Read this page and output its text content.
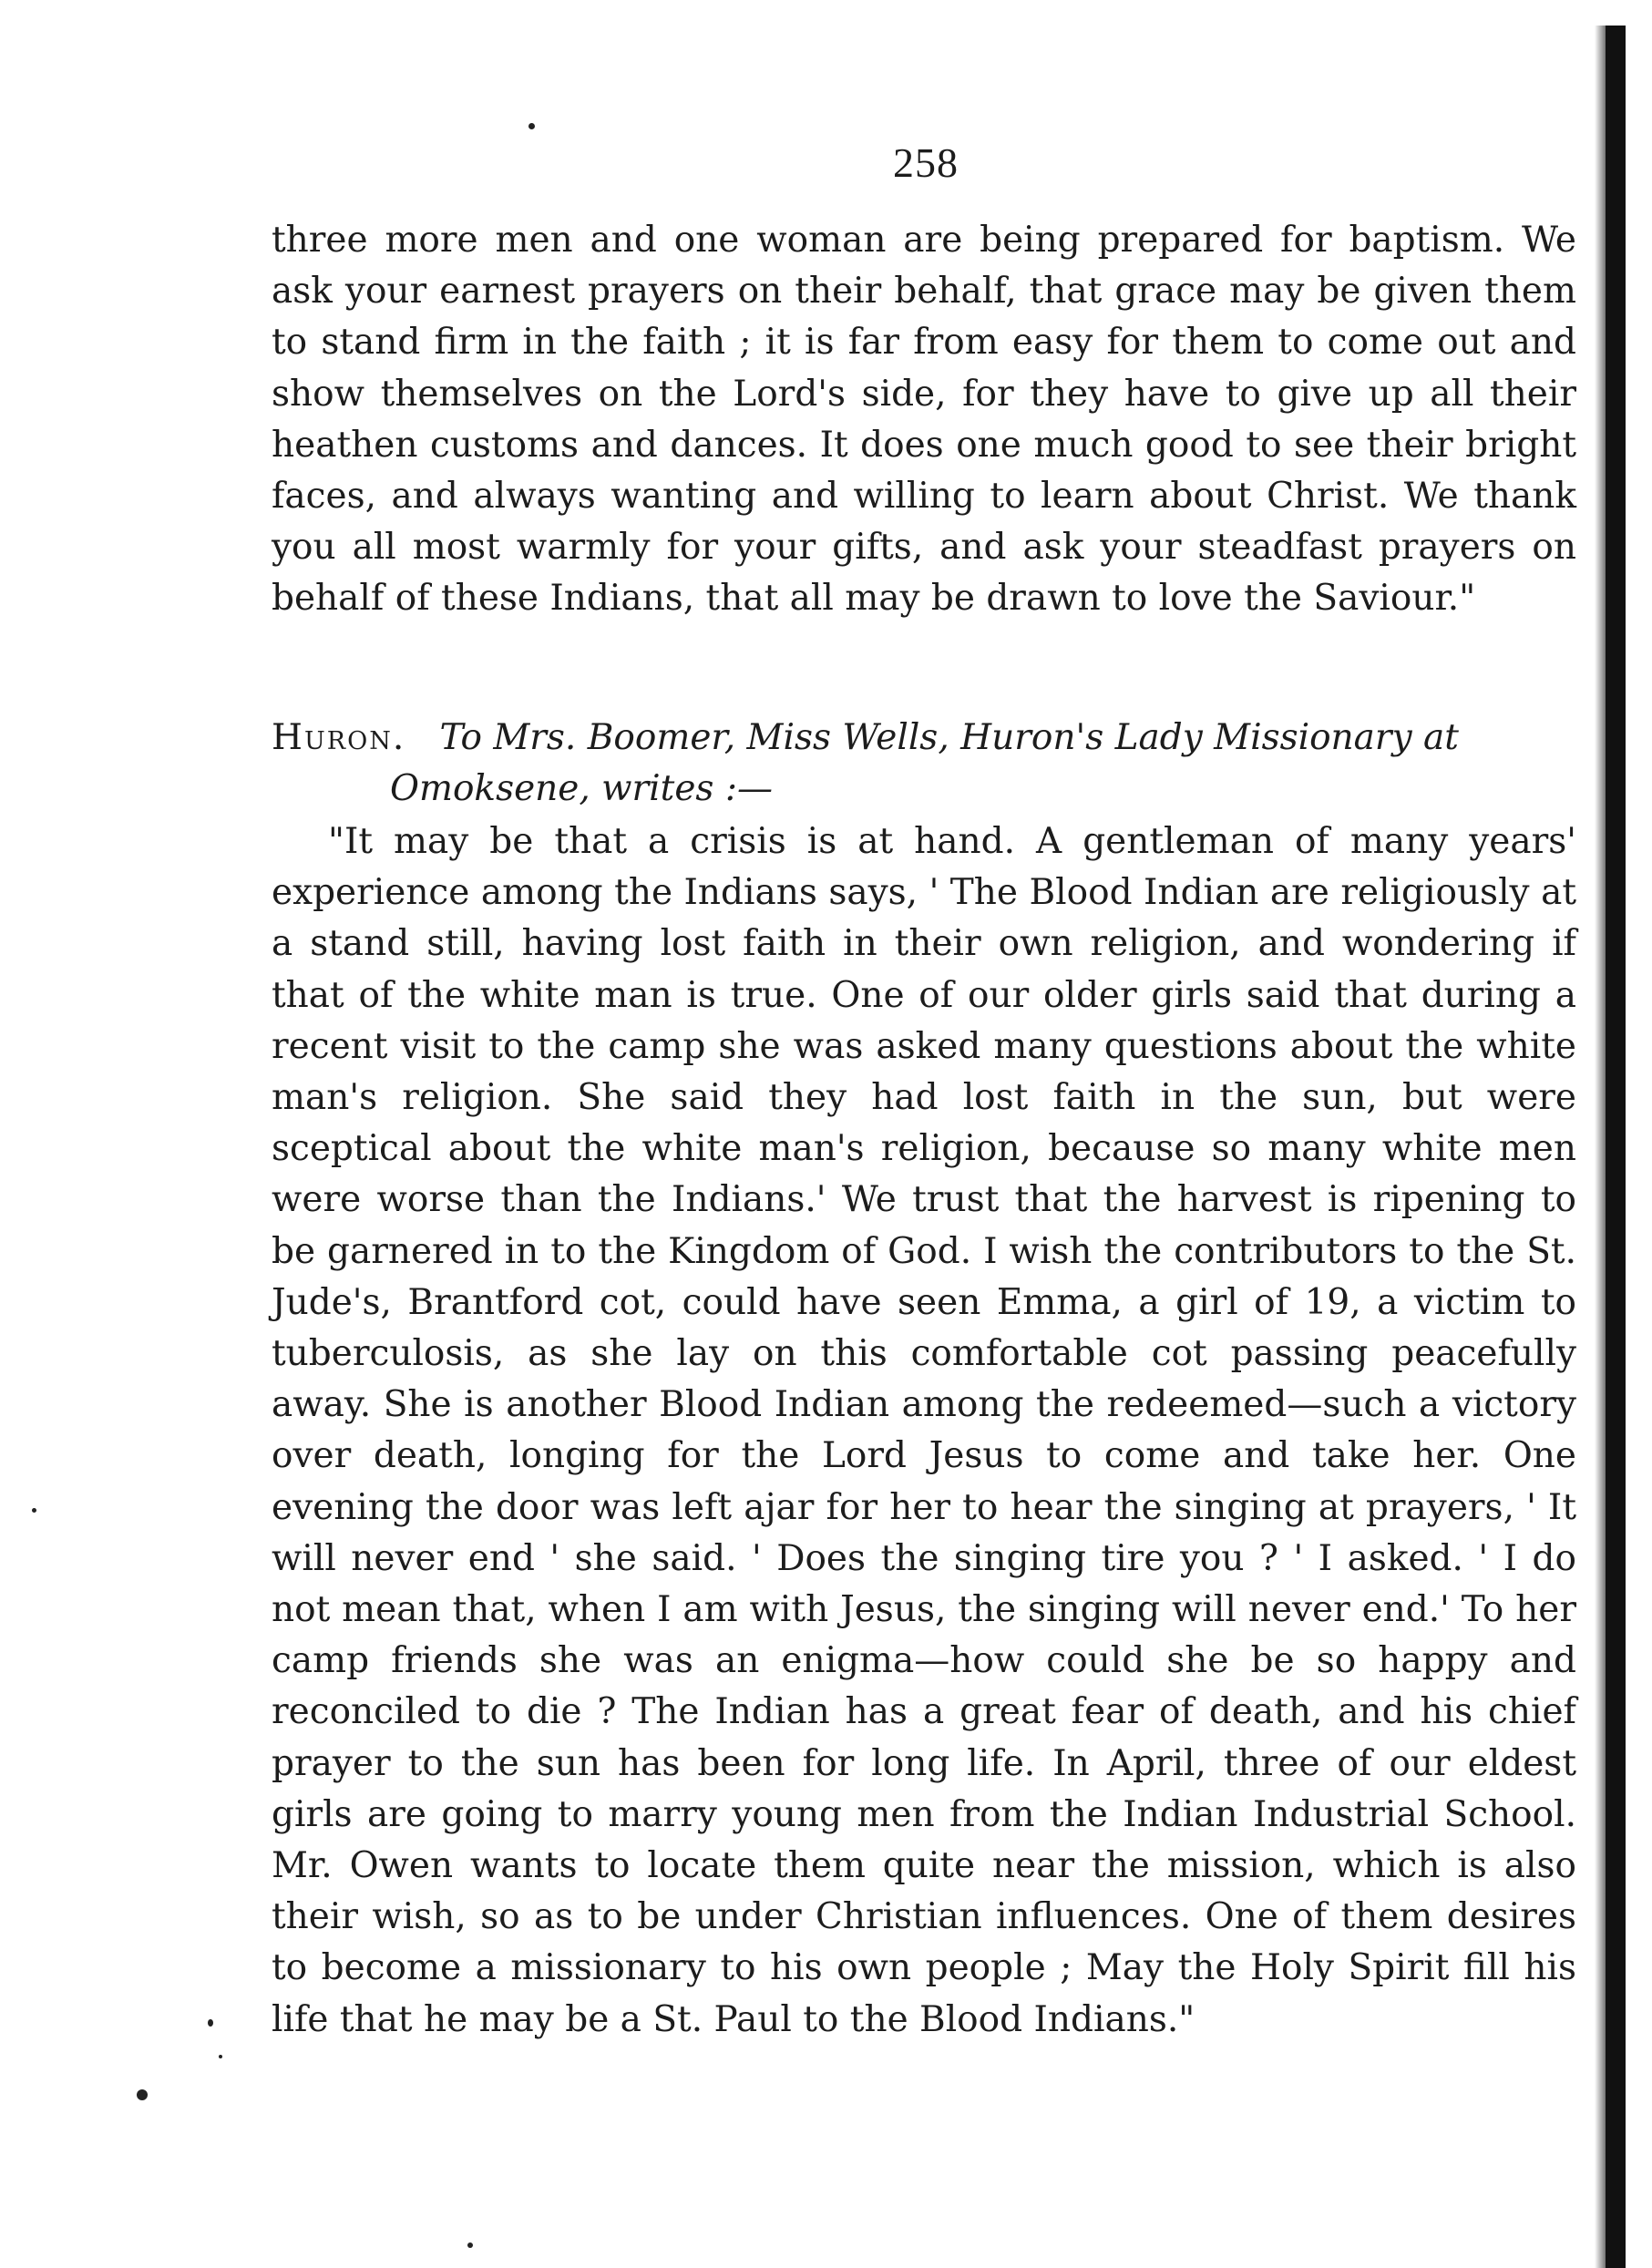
258

three more men and one woman are being prepared for baptism. We ask your earnest prayers on their behalf, that grace may be given them to stand firm in the faith ; it is far from easy for them to come out and show themselves on the Lord's side, for they have to give up all their heathen customs and dances. It does one much good to see their bright faces, and always wanting and willing to learn about Christ. We thank you all most warmly for your gifts, and ask your steadfast prayers on behalf of these Indians, that all may be drawn to love the Saviour."

Huron. To Mrs. Boomer, Miss Wells, Huron's Lady Missionary at
Omoksene, writes :—

"It may be that a crisis is at hand. A gentleman of many years' experience among the Indians says, ' The Blood Indian are religiously at a stand still, having lost faith in their own religion, and wondering if that of the white man is true. One of our older girls said that during a recent visit to the camp she was asked many questions about the white man's religion. She said they had lost faith in the sun, but were sceptical about the white man's religion, because so many white men were worse than the Indians.' We trust that the harvest is ripening to be garnered in to the Kingdom of God. I wish the contributors to the St. Jude's, Brantford cot, could have seen Emma, a girl of 19, a victim to tuberculosis, as she lay on this comfortable cot passing peacefully away. She is another Blood Indian among the redeemed—such a victory over death, longing for the Lord Jesus to come and take her. One evening the door was left ajar for her to hear the singing at prayers, ' It will never end ' she said. ' Does the singing tire you ? ' I asked. ' I do not mean that, when I am with Jesus, the singing will never end.' To her camp friends she was an enigma—how could she be so happy and reconciled to die ? The Indian has a great fear of death, and his chief prayer to the sun has been for long life. In April, three of our eldest girls are going to marry young men from the Indian Industrial School. Mr. Owen wants to locate them quite near the mission, which is also their wish, so as to be under Christian influences. One of them desires to become a missionary to his own people ; May the Holy Spirit fill his life that he may be a St. Paul to the Blood Indians."
